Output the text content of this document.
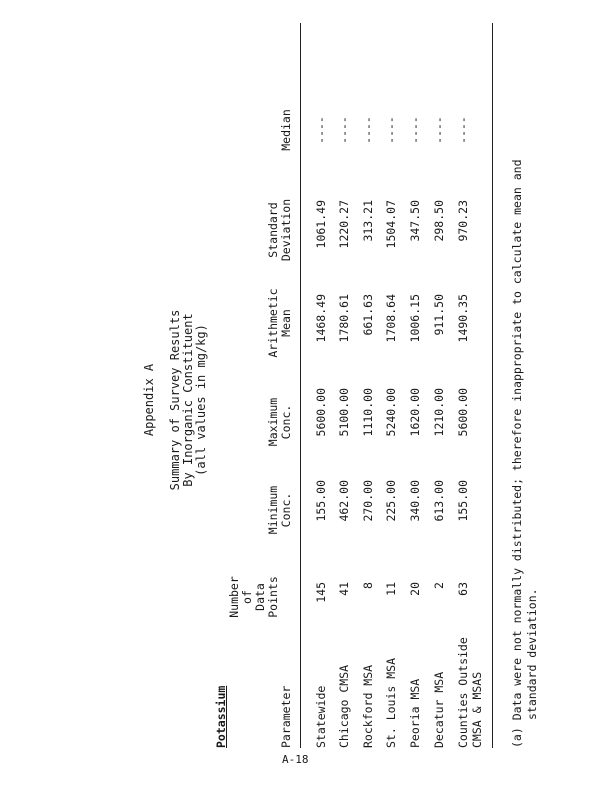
Appendix A Summary of Survey Results By Inorganic Constituent (all values in mg/kg)
Potassium	Parameter
Number
of
Data
Points
Minimum
Conc.
Maximum
Conc.
Arithmetic
Mean
Standard
Deviation
Median
Statewide
145
155.00
5600.00
1468.49
1061.49
----
Chicago CMSA
41
462.00
5100.00
1780.61
1220.27
----
Rockford MSA
8
270.00
1110.00
661.63
313.21
----
St. Louis MSA
11
225.00
5240.00
1708.64
1504.07
----
Peoria MSA
20
340.00
1620.00
1006.15
347.50
----
Decatur MSA
2
613.00
1210.00
911.50
298.50
----
Counties Outside
CMSA & MSAS
63
155.00
5600.00
1490.35
970.23
----
(a) Data were not normally distributed; therefore inappropriate to calculate mean and standard deviation.
A-18
